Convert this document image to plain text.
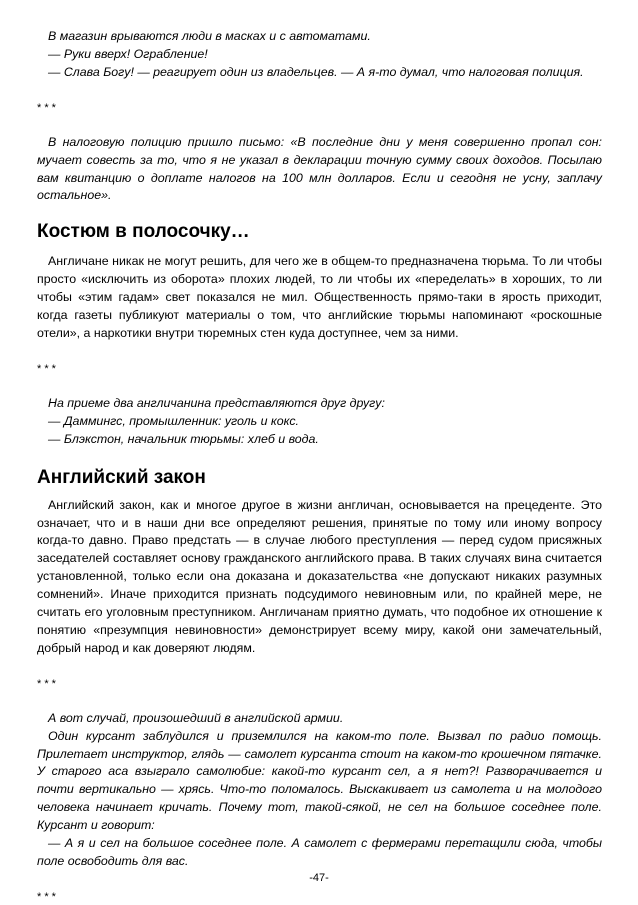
В магазин врываются люди в масках и с автоматами.

— Руки вверх! Ограбление!

— Слава Богу! — реагирует один из владельцев. — А я-то думал, что налоговая полиция.

* * *

В налоговую полицию пришло письмо: «В последние дни у меня совершенно пропал сон: мучает совесть за то, что я не указал в декларации точную сумму своих доходов. Посылаю вам квитанцию о доплате налогов на 100 млн долларов. Если и сегодня не усну, заплачу остальное».

Костюм в полосочку…

Англичане никак не могут решить, для чего же в общем-то предназначена тюрьма. То ли чтобы просто «исключить из оборота» плохих людей, то ли чтобы их «переделать» в хороших, то ли чтобы «этим гадам» свет показался не мил. Общественность прямо-таки в ярость приходит, когда газеты публикуют материалы о том, что английские тюрьмы напоминают «роскошные отели», а наркотики внутри тюремных стен куда доступнее, чем за ними.

* * *

На приеме два англичанина представляются друг другу:

— Даммингс, промышленник: уголь и кокс.

— Блэкстон, начальник тюрьмы: хлеб и вода.

Английский закон

Английский закон, как и многое другое в жизни англичан, основывается на прецеденте. Это означает, что и в наши дни все определяют решения, принятые по тому или иному вопросу когда-то давно. Право предстать — в случае любого преступления — перед судом присяжных заседателей составляет основу гражданского английского права. В таких случаях вина считается установленной, только если она доказана и доказательства «не допускают никаких разумных сомнений». Иначе приходится признать подсудимого невиновным или, по крайней мере, не считать его уголовным преступником. Англичанам приятно думать, что подобное их отношение к понятию «презумпция невиновности» демонстрирует всему миру, какой они замечательный, добрый народ и как доверяют людям.

* * *

А вот случай, произошедший в английской армии.

Один курсант заблудился и приземлился на каком-то поле. Вызвал по радио помощь. Прилетает инструктор, глядь — самолет курсанта стоит на каком-то крошечном пятачке. У старого аса взыграло самолюбие: какой-то курсант сел, а я нет?! Разворачивается и почти вертикально — хрясь. Что-то поломалось. Выскакивает из самолета и на молодого человека начинает кричать. Почему тот, такой-сякой, не сел на большое соседнее поле. Курсант и говорит:

— А я и сел на большое соседнее поле. А самолет с фермерами перетащили сюда, чтобы поле освободить для вас.

* * *

-47-
